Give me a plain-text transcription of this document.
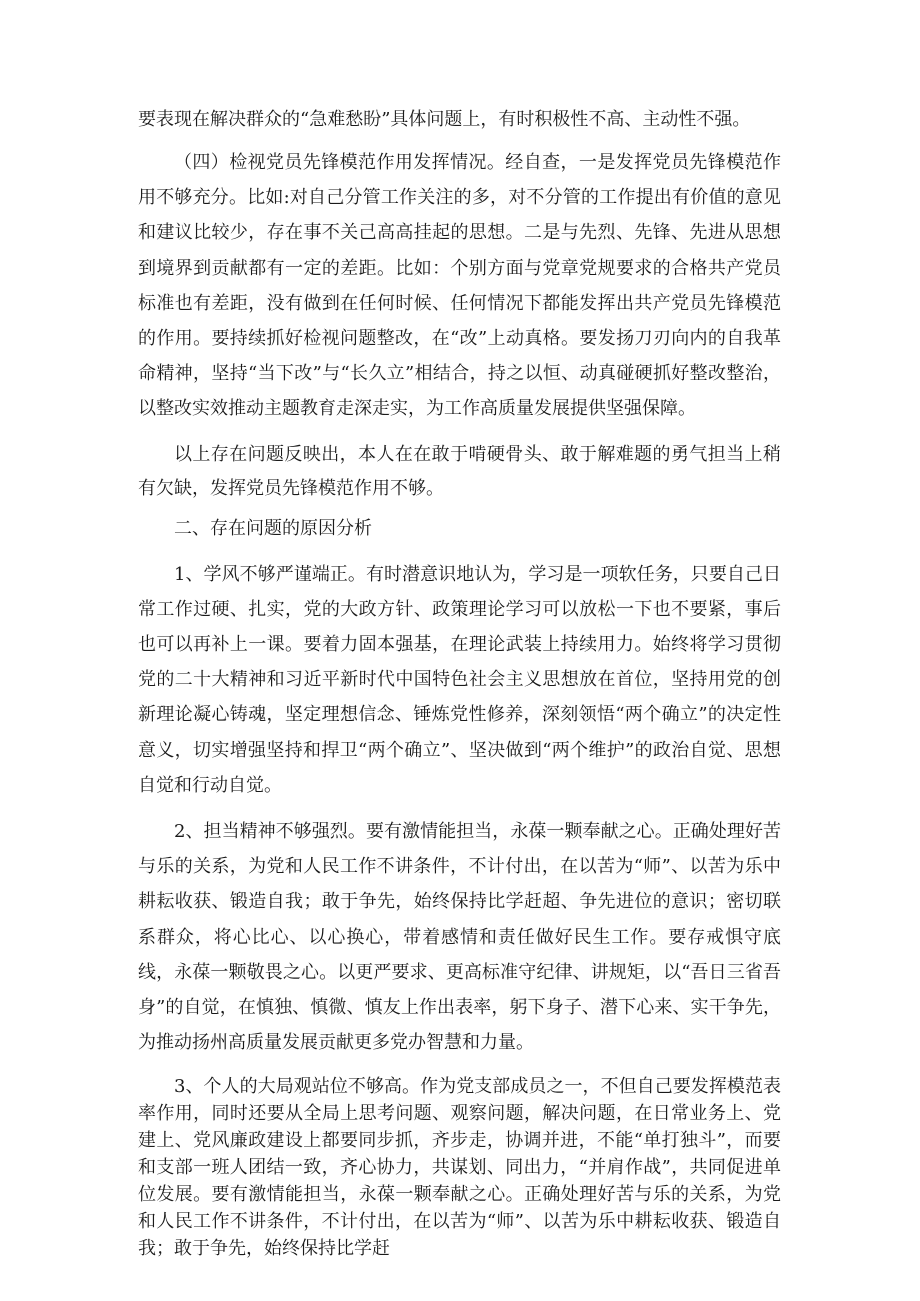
要表现在解决群众的“急难愁盼”具体问题上，有时积极性不高、主动性不强。

（四）检视党员先锋模范作用发挥情况。经自查，一是发挥党员先锋模范作用不够充分。比如:对自己分管工作关注的多，对不分管的工作提出有价值的意见和建议比较少，存在事不关己高高挂起的思想。二是与先烈、先锋、先进从思想到境界到贡献都有一定的差距。比如：个别方面与党章党规要求的合格共产党员标准也有差距，没有做到在任何时候、任何情况下都能发挥出共产党员先锋模范的作用。要持续抓好检视问题整改，在“改”上动真格。要发扬刀刃向内的自我革命精神，坚持“当下改”与“长久立”相结合，持之以恒、动真碰硬抓好整改整治，以整改实效推动主题教育走深走实，为工作高质量发展提供坚强保障。

以上存在问题反映出，本人在在敢于啃硬骨头、敢于解难题的勇气担当上稍有欠缺，发挥党员先锋模范作用不够。

二、存在问题的原因分析

1、学风不够严谨端正。有时潜意识地认为，学习是一项软任务，只要自己日常工作过硬、扎实，党的大政方针、政策理论学习可以放松一下也不要紧，事后也可以再补上一课。要着力固本强基，在理论武装上持续用力。始终将学习贯彻党的二十大精神和习近平新时代中国特色社会主义思想放在首位，坚持用党的创新理论凝心铸魂，坚定理想信念、锤炼党性修养，深刻领悟“两个确立”的决定性意义，切实增强坚持和捍卫“两个确立”、坚决做到“两个维护”的政治自觉、思想自觉和行动自觉。

2、担当精神不够强烈。要有激情能担当，永葆一颗奉献之心。正确处理好苦与乐的关系，为党和人民工作不讲条件，不计付出，在以苦为“师”、以苦为乐中耕耘收获、锻造自我；敢于争先，始终保持比学赶超、争先进位的意识；密切联系群众，将心比心、以心换心，带着感情和责任做好民生工作。要存戒惧守底线，永葆一颗敬畏之心。以更严要求、更高标准守纪律、讲规矩，以“吾日三省吾身”的自觉，在慎独、慎微、慎友上作出表率，躬下身子、潜下心来、实干争先，为推动扬州高质量发展贡献更多党办智慧和力量。

3、个人的大局观站位不够高。作为党支部成员之一，不但自己要发挥模范表率作用，同时还要从全局上思考问题、观察问题，解决问题，在日常业务上、党建上、党风廉政建设上都要同步抓，齐步走，协调并进，不能“单打独斗”，而要和支部一班人团结一致，齐心协力，共谋划、同出力，“并肩作战”，共同促进单位发展。要有激情能担当，永葆一颗奉献之心。正确处理好苦与乐的关系，为党和人民工作不讲条件，不计付出，在以苦为“师”、以苦为乐中耕耘收获、锻造自我；敢于争先，始终保持比学赶
